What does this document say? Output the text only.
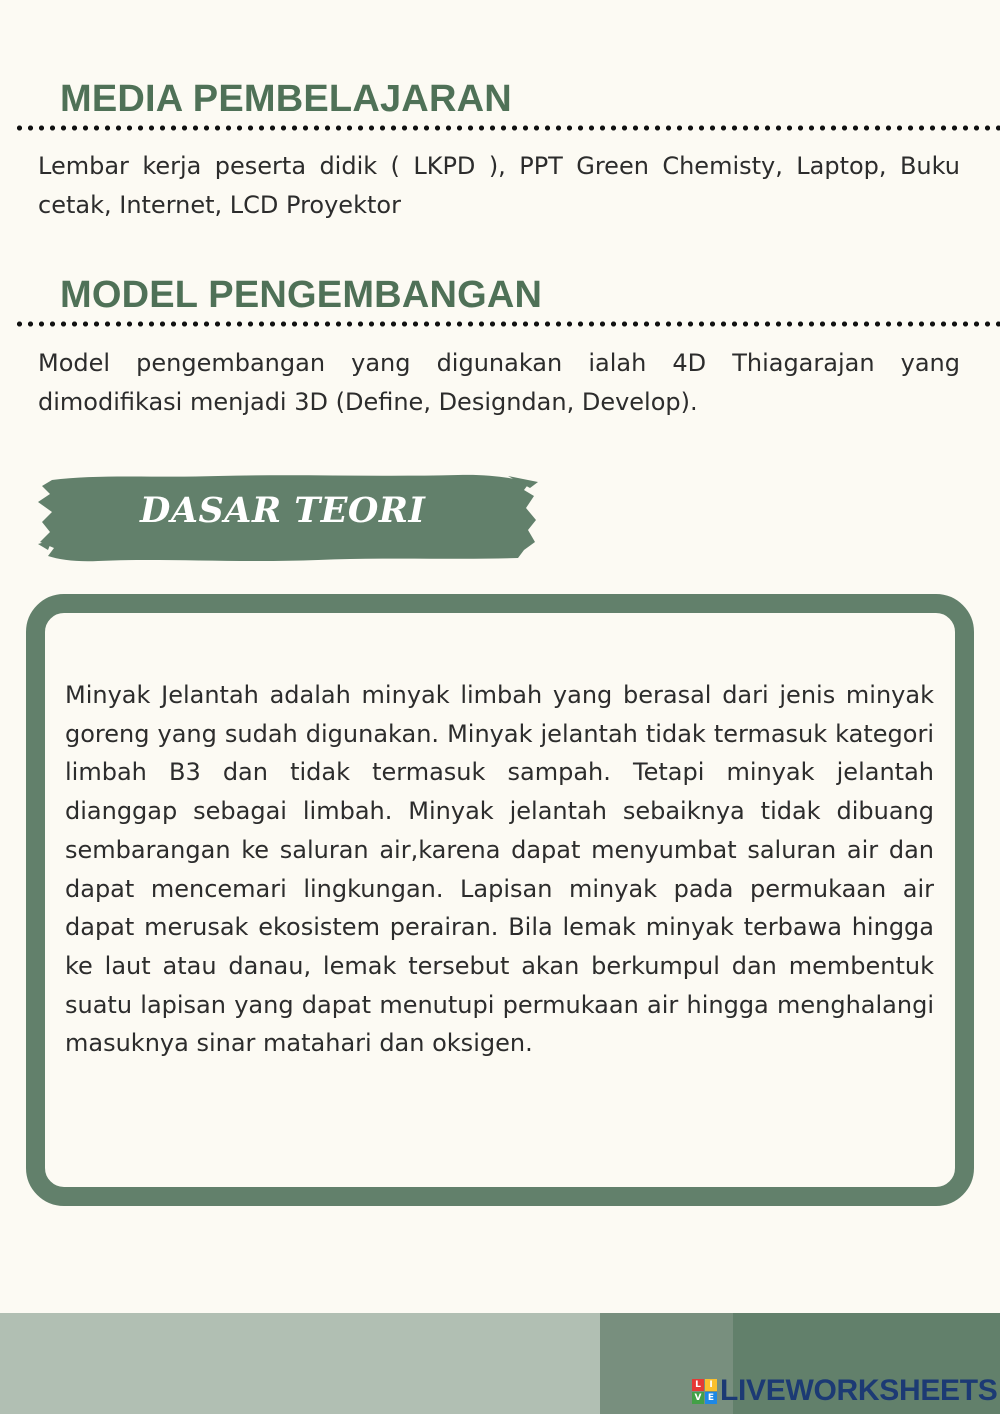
MEDIA PEMBELAJARAN

Lembar kerja peserta didik ( LKPD ), PPT Green Chemisty, Laptop, Buku cetak, Internet, LCD Proyektor

MODEL PENGEMBANGAN

Model pengembangan yang digunakan ialah 4D Thiagarajan yang dimodifikasi menjadi 3D (Define, Designdan, Develop).

DASAR TEORI

Minyak Jelantah adalah minyak limbah yang berasal dari jenis minyak goreng yang sudah digunakan. Minyak jelantah tidak termasuk kategori limbah B3 dan tidak termasuk sampah. Tetapi minyak jelantah dianggap sebagai limbah. Minyak jelantah sebaiknya tidak dibuang sembarangan ke saluran air,karena dapat menyumbat saluran air dan dapat mencemari lingkungan. Lapisan minyak pada permukaan air dapat merusak ekosistem perairan. Bila lemak minyak terbawa hingga ke laut atau danau, lemak tersebut akan berkumpul dan membentuk suatu lapisan yang dapat menutupi permukaan air hingga menghalangi masuknya sinar matahari dan oksigen.

L I
V E LIVEWORKSHEETS
